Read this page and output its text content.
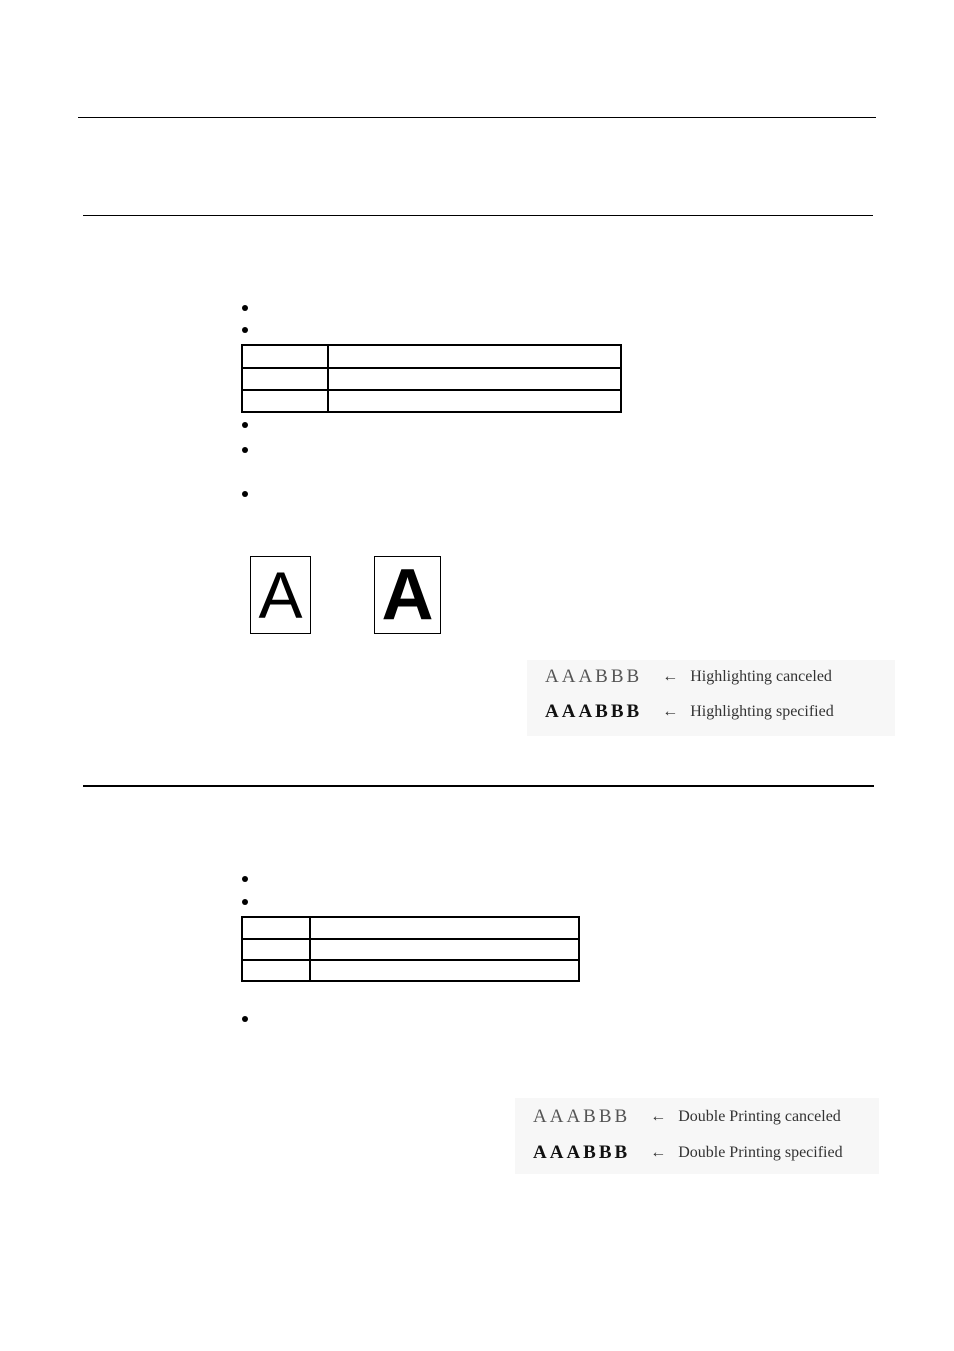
A A
AAABBB ← Highlighting canceled
AAABBB ← Highlighting specified

AAABBB ← Double Printing canceled
AAABBB ← Double Printing specified
